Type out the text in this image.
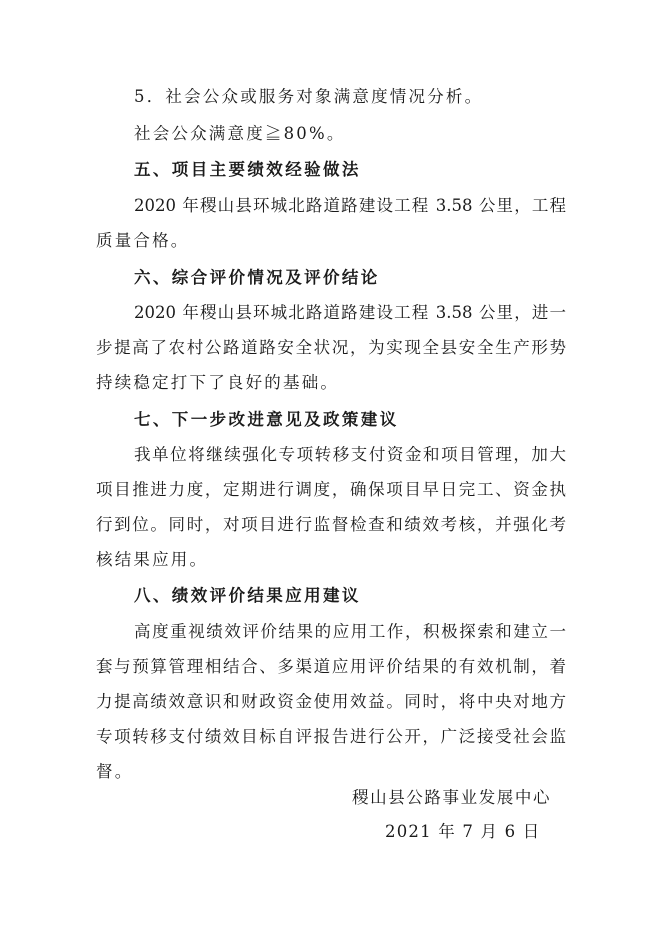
5．社会公众或服务对象满意度情况分析。
社会公众满意度≧80%。
五、项目主要绩效经验做法
2020 年稷山县环城北路道路建设工程 3.58 公里，工程
质量合格。
六、综合评价情况及评价结论
2020 年稷山县环城北路道路建设工程 3.58 公里，进一
步提高了农村公路道路安全状况，为实现全县安全生产形势
持续稳定打下了良好的基础。
七、下一步改进意见及政策建议
我单位将继续强化专项转移支付资金和项目管理，加大
项目推进力度，定期进行调度，确保项目早日完工、资金执
行到位。同时，对项目进行监督检查和绩效考核，并强化考
核结果应用。
八、绩效评价结果应用建议
高度重视绩效评价结果的应用工作，积极探索和建立一
套与预算管理相结合、多渠道应用评价结果的有效机制，着
力提高绩效意识和财政资金使用效益。同时，将中央对地方
专项转移支付绩效目标自评报告进行公开，广泛接受社会监
督。
稷山县公路事业发展中心
2021 年 7 月 6 日
